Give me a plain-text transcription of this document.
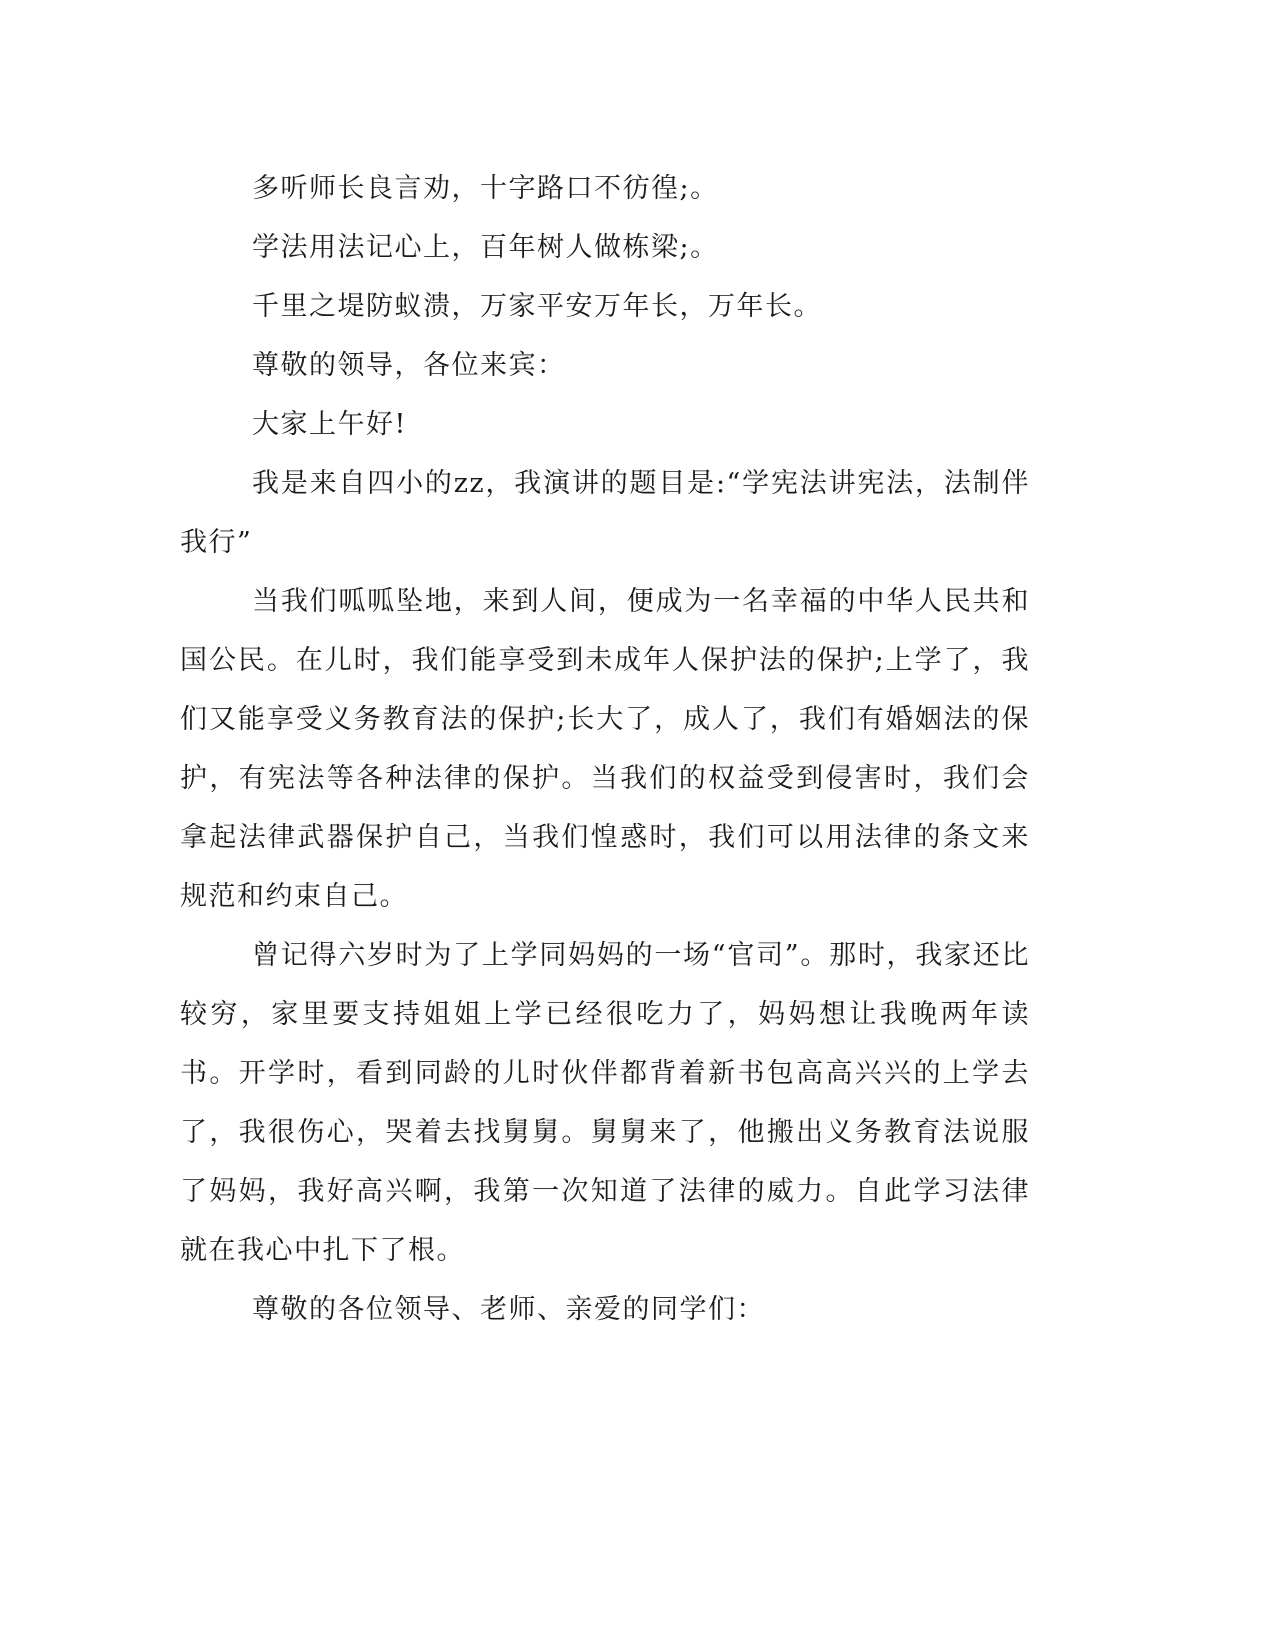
多听师长良言劝，十字路口不彷徨;。

学法用法记心上，百年树人做栋梁;。

千里之堤防蚁溃，万家平安万年长，万年长。

尊敬的领导，各位来宾：

大家上午好!

我是来自四小的zz，我演讲的题目是:“学宪法讲宪法，法制伴我行”

当我们呱呱坠地，来到人间，便成为一名幸福的中华人民共和国公民。在儿时，我们能享受到未成年人保护法的保护;上学了，我们又能享受义务教育法的保护;长大了，成人了，我们有婚姻法的保护，有宪法等各种法律的保护。当我们的权益受到侵害时，我们会拿起法律武器保护自己，当我们惶惑时，我们可以用法律的条文来规范和约束自己。

曾记得六岁时为了上学同妈妈的一场“官司”。那时，我家还比较穷，家里要支持姐姐上学已经很吃力了，妈妈想让我晚两年读书。开学时，看到同龄的儿时伙伴都背着新书包高高兴兴的上学去了，我很伤心，哭着去找舅舅。舅舅来了，他搬出义务教育法说服了妈妈，我好高兴啊，我第一次知道了法律的威力。自此学习法律就在我心中扎下了根。

尊敬的各位领导、老师、亲爱的同学们：
